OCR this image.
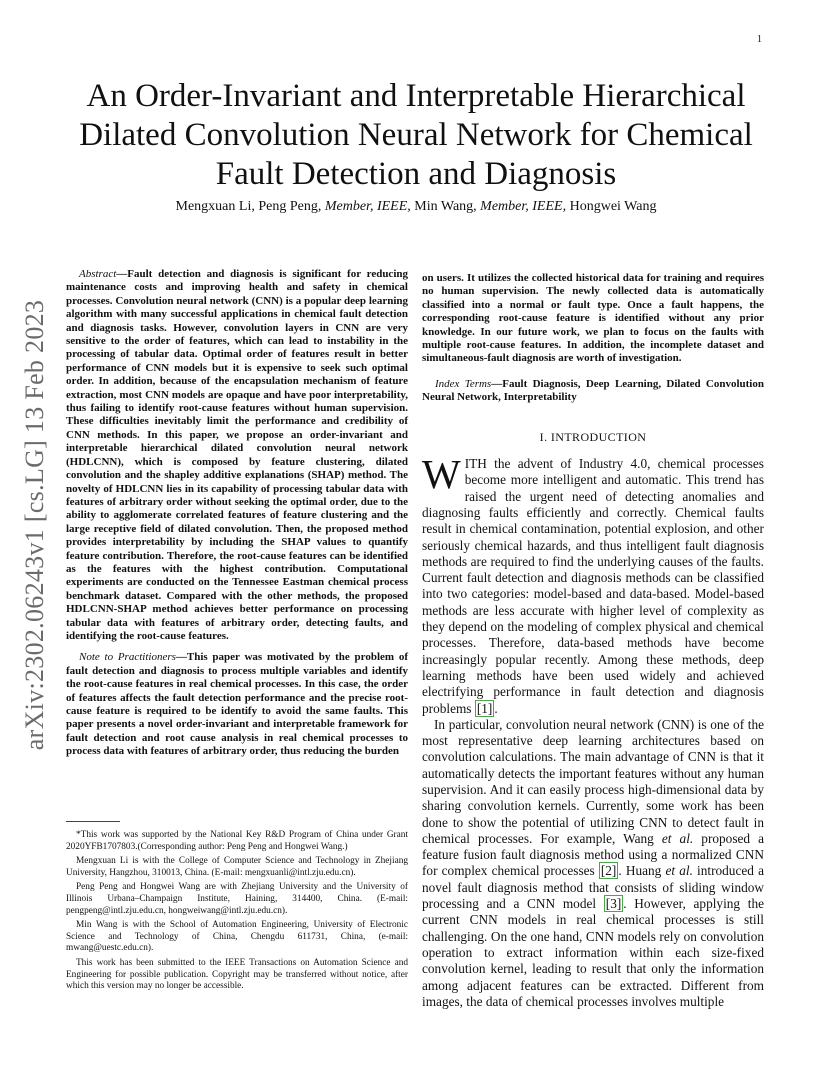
1
arXiv:2302.06243v1 [cs.LG] 13 Feb 2023
An Order-Invariant and Interpretable Hierarchical
Dilated Convolution Neural Network for Chemical
Fault Detection and Diagnosis
Mengxuan Li, Peng Peng, Member, IEEE, Min Wang, Member, IEEE, Hongwei Wang

Abstract—Fault detection and diagnosis is significant for reducing maintenance costs and improving health and safety in chemical processes. Convolution neural network (CNN) is a popular deep learning algorithm with many successful applications in chemical fault detection and diagnosis tasks. However, convolution layers in CNN are very sensitive to the order of features, which can lead to instability in the processing of tabular data. Optimal order of features result in better performance of CNN models but it is expensive to seek such optimal order. In addition, because of the encapsulation mechanism of feature extraction, most CNN models are opaque and have poor interpretability, thus failing to identify root-cause features without human supervision. These difficulties inevitably limit the performance and credibility of CNN methods. In this paper, we propose an order-invariant and interpretable hierarchical dilated convolution neural network (HDLCNN), which is composed by feature clustering, dilated convolution and the shapley additive explanations (SHAP) method. The novelty of HDLCNN lies in its capability of processing tabular data with features of arbitrary order without seeking the optimal order, due to the ability to agglomerate correlated features of feature clustering and the large receptive field of dilated convolution. Then, the proposed method provides interpretability by including the SHAP values to quantify feature contribution. Therefore, the root-cause features can be identified as the features with the highest contribution. Computational experiments are conducted on the Tennessee Eastman chemical process benchmark dataset. Compared with the other methods, the proposed HDLCNN-SHAP method achieves better performance on processing tabular data with features of arbitrary order, detecting faults, and identifying the root-cause features.

Note to Practitioners—This paper was motivated by the problem of fault detection and diagnosis to process multiple variables and identify the root-cause features in real chemical processes. In this case, the order of features affects the fault detection performance and the precise root-cause feature is required to be identify to avoid the same faults. This paper presents a novel order-invariant and interpretable framework for fault detection and root cause analysis in real chemical processes to process data with features of arbitrary order, thus reducing the burden

*This work was supported by the National Key R&D Program of China under Grant 2020YFB1707803.(Corresponding author: Peng Peng and Hongwei Wang.)

Mengxuan Li is with the College of Computer Science and Technology in Zhejiang University, Hangzhou, 310013, China. (E-mail: mengxuanli@intl.zju.edu.cn).

Peng Peng and Hongwei Wang are with Zhejiang University and the University of Illinois Urbana–Champaign Institute, Haining, 314400, China. (E-mail: pengpeng@intl.zju.edu.cn, hongweiwang@intl.zju.edu.cn).

Min Wang is with the School of Automation Engineering, University of Electronic Science and Technology of China, Chengdu 611731, China, (e-mail: mwang@uestc.edu.cn).

This work has been submitted to the IEEE Transactions on Automation Science and Engineering for possible publication. Copyright may be transferred without notice, after which this version may no longer be accessible.

on users. It utilizes the collected historical data for training and requires no human supervision. The newly collected data is automatically classified into a normal or fault type. Once a fault happens, the corresponding root-cause feature is identified without any prior knowledge. In our future work, we plan to focus on the faults with multiple root-cause features. In addition, the incomplete dataset and simultaneous-fault diagnosis are worth of investigation.

Index Terms—Fault Diagnosis, Deep Learning, Dilated Convolution Neural Network, Interpretability

I. INTRODUCTION

WITH the advent of Industry 4.0, chemical processes become more intelligent and automatic. This trend has raised the urgent need of detecting anomalies and diagnosing faults efficiently and correctly. Chemical faults result in chemical contamination, potential explosion, and other seriously chemical hazards, and thus intelligent fault diagnosis methods are required to find the underlying causes of the faults. Current fault detection and diagnosis methods can be classified into two categories: model-based and data-based. Model-based methods are less accurate with higher level of complexity as they depend on the modeling of complex physical and chemical processes. Therefore, data-based methods have become increasingly popular recently. Among these methods, deep learning methods have been used widely and achieved electrifying performance in fault detection and diagnosis problems [1] .

In particular, convolution neural network (CNN) is one of the most representative deep learning architectures based on convolution calculations. The main advantage of CNN is that it automatically detects the important features without any human supervision. And it can easily process high-dimensional data by sharing convolution kernels. Currently, some work has been done to show the potential of utilizing CNN to detect fault in chemical processes. For example, Wang et al. proposed a feature fusion fault diagnosis method using a normalized CNN for complex chemical processes [2] . Huang et al. introduced a novel fault diagnosis method that consists of sliding window processing and a CNN model [3] . However, applying the current CNN models in real chemical processes is still challenging. On the one hand, CNN models rely on convolution operation to extract information within each size-fixed convolution kernel, leading to result that only the information among adjacent features can be extracted. Different from images, the data of chemical processes involves multiple
